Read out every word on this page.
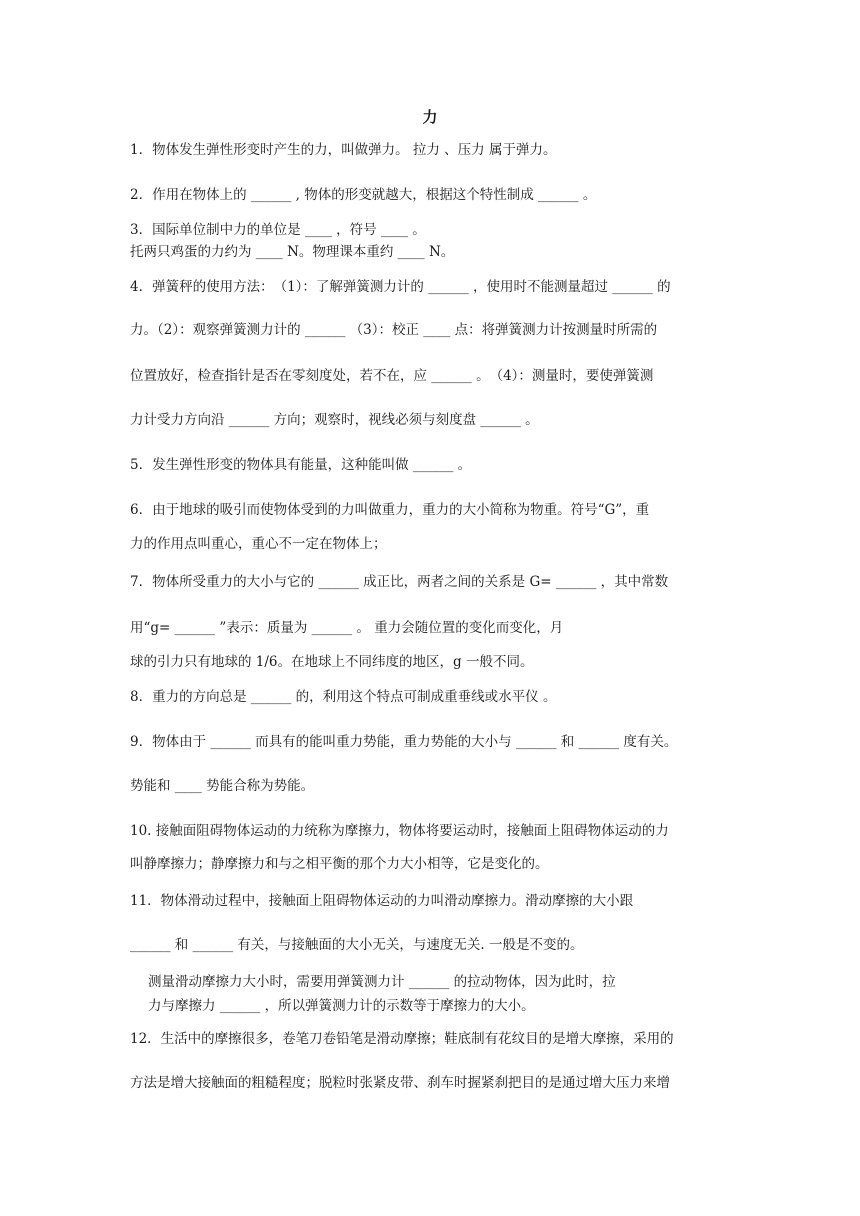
力
1．物体发生弹性形变时产生的力，叫做弹力。 拉力 、压力 属于弹力。
2．作用在物体上的 ______ , 物体的形变就越大，根据这个特性制成 ______ 。
3．国际单位制中力的单位是 ____ ，符号 ____ 。
托两只鸡蛋的力约为 ____ N。物理课本重约 ____ N。
4．弹簧秤的使用方法：　（1）：了解弹簧测力计的 ______ ，使用时不能测量超过 ______ 的
力。（2）：观察弹簧测力计的 ______ （3）：校正 ____ 点：将弹簧测力计按测量时所需的
位置放好，检查指针是否在零刻度处，若不在，应 ______ 。　（4）：测量时，要使弹簧测
力计受力方向沿 ______ 方向；观察时，视线必须与刻度盘 ______ 。
5．发生弹性形变的物体具有能量，这种能叫做 ______ 。
6．由于地球的吸引而使物体受到的力叫做重力，重力的大小简称为物重。符号“G”，重
力的作用点叫重心，重心不一定在物体上；
7．物体所受重力的大小与它的 ______ 成正比，两者之间的关系是 G= ______ ，其中常数
用“g= ______ ”表示：质量为 ______ 。 重力会随位置的变化而变化，月
球的引力只有地球的 1/6。在地球上不同纬度的地区，g 一般不同。
8．重力的方向总是 ______ 的，利用这个特点可制成重垂线或水平仪 。
9．物体由于 ______ 而具有的能叫重力势能，重力势能的大小与 ______ 和 ______ 度有关。
势能和 ____ 势能合称为势能。
10. 接触面阻碍物体运动的力统称为摩擦力，物体将要运动时，接触面上阻碍物体运动的力
叫静摩擦力；静摩擦力和与之相平衡的那个力大小相等，它是变化的。
11．物体滑动过程中，接触面上阻碍物体运动的力叫滑动摩擦力。滑动摩擦的大小跟
______ 和 ______ 有关，与接触面的大小无关，与速度无关. 一般是不变的。
测量滑动摩擦力大小时，需要用弹簧测力计 ______ 的拉动物体，因为此时，拉
力与摩擦力 ______ ，所以弹簧测力计的示数等于摩擦力的大小。
12．生活中的摩擦很多，卷笔刀卷铅笔是滑动摩擦；鞋底制有花纹目的是增大摩擦，采用的
方法是增大接触面的粗糙程度；脱粒时张紧皮带、刹车时握紧刹把目的是通过增大压力来增
